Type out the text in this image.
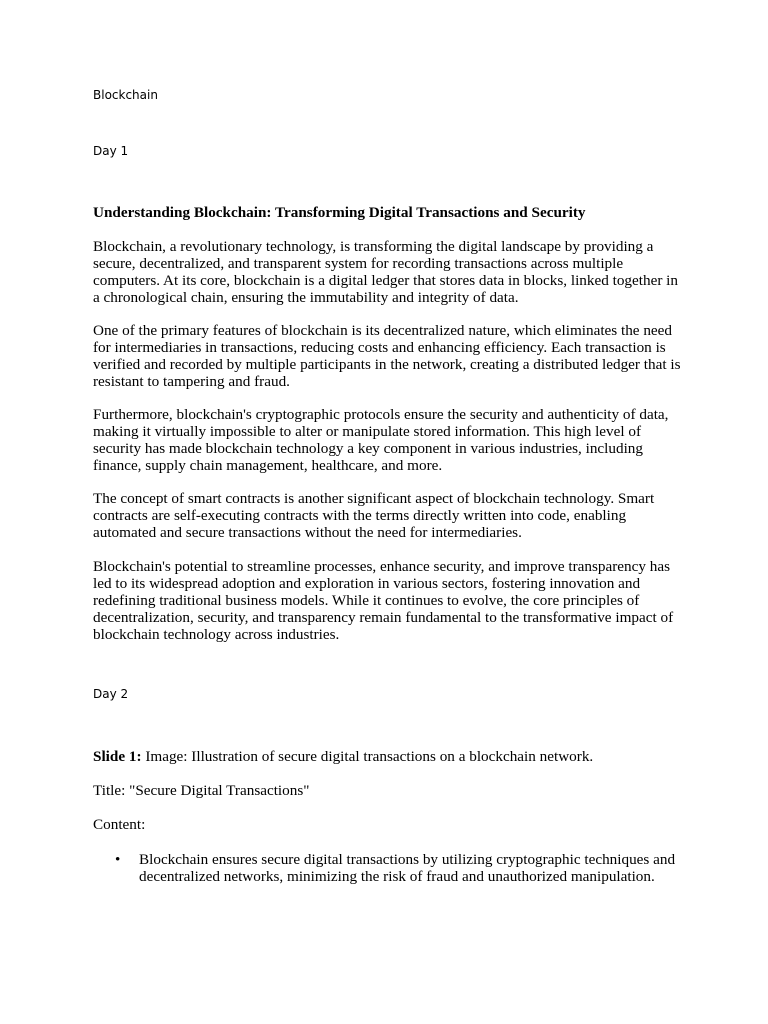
Blockchain

Day 1

Understanding Blockchain: Transforming Digital Transactions and Security

Blockchain, a revolutionary technology, is transforming the digital landscape by providing a secure, decentralized, and transparent system for recording transactions across multiple computers. At its core, blockchain is a digital ledger that stores data in blocks, linked together in a chronological chain, ensuring the immutability and integrity of data.

One of the primary features of blockchain is its decentralized nature, which eliminates the need for intermediaries in transactions, reducing costs and enhancing efficiency. Each transaction is verified and recorded by multiple participants in the network, creating a distributed ledger that is resistant to tampering and fraud.

Furthermore, blockchain's cryptographic protocols ensure the security and authenticity of data, making it virtually impossible to alter or manipulate stored information. This high level of security has made blockchain technology a key component in various industries, including finance, supply chain management, healthcare, and more.

The concept of smart contracts is another significant aspect of blockchain technology. Smart contracts are self-executing contracts with the terms directly written into code, enabling automated and secure transactions without the need for intermediaries.

Blockchain's potential to streamline processes, enhance security, and improve transparency has led to its widespread adoption and exploration in various sectors, fostering innovation and redefining traditional business models. While it continues to evolve, the core principles of decentralization, security, and transparency remain fundamental to the transformative impact of blockchain technology across industries.

Day 2

Slide 1: Image: Illustration of secure digital transactions on a blockchain network.

Title: "Secure Digital Transactions"

Content:

• Blockchain ensures secure digital transactions by utilizing cryptographic techniques and decentralized networks, minimizing the risk of fraud and unauthorized manipulation.
